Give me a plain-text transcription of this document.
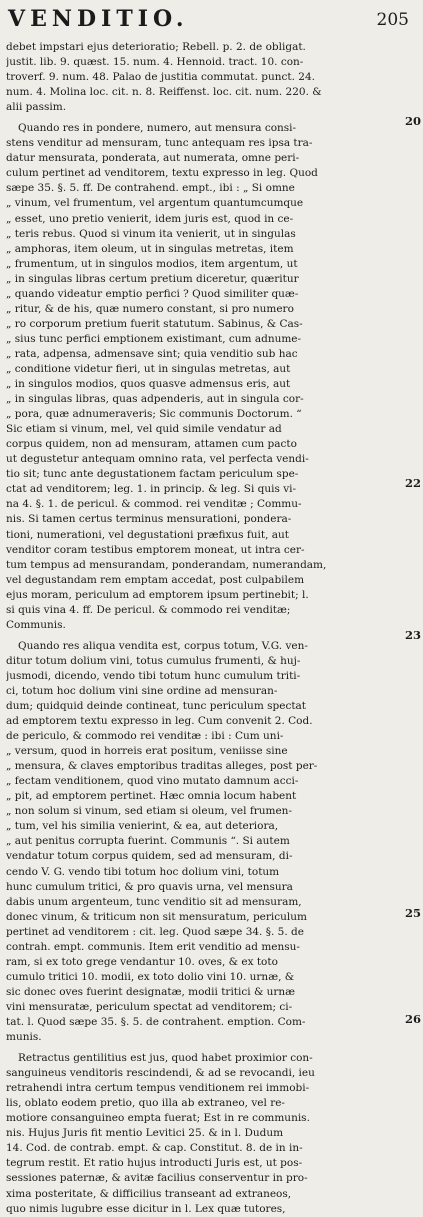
VENDITIO.	205

debet impstari ejus deterioratio; Rebell. p. 2. de obligat.

justit. lib. 9. quæst. 15. num. 4. Hennoid. tract. 10. con-

troverf. 9. num. 48. Palao de justitia commutat. punct. 24.

num. 4. Molina loc. cit. n. 8. Reiffenst. loc. cit. num. 220. &

alii passim.

Quando res in pondere, numero, aut mensura consi-

stens venditur ad mensuram, tunc antequam res ipsa tra-

datur mensurata, ponderata, aut numerata, omne peri-

culum pertinet ad venditorem, textu expresso in leg. Quod

sæpe 35. §. 5. ff. De contrahend. empt., ibi : „ Si omne

„ vinum, vel frumentum, vel argentum quantumcumque

„ esset, uno pretio venierit, idem juris est, quod in ce-

„ teris rebus. Quod si vinum ita venierit, ut in singulas

„ amphoras, item oleum, ut in singulas metretas, item

„ frumentum, ut in singulos modios, item argentum, ut

„ in singulas libras certum pretium diceretur, quæritur

„ quando videatur emptio perfici ? Quod similiter quæ-

„ ritur, & de his, quæ numero constant, si pro numero

„ ro corporum pretium fuerit statutum. Sabinus, & Cas-

„ sius tunc perfici emptionem existimant, cum adnume-

„ rata, adpensa, admensave sint; quia venditio sub hac

„ conditione videtur fieri, ut in singulas metretas, aut

„ in singulos modios, quos quasve admensus eris, aut

„ in singulas libras, quas adpenderis, aut in singula cor-

„ pora, quæ adnumeraveris; Sic communis Doctorum. “

Sic etiam si vinum, mel, vel quid simile vendatur ad

corpus quidem, non ad mensuram, attamen cum pacto

ut degustetur antequam omnino rata, vel perfecta vendi-

tio sit; tunc ante degustationem factam periculum spe-

ctat ad venditorem; leg. 1. in princip. & leg. Si quis vi-

na 4. §. 1. de pericul. & commod. rei venditæ ; Commu-

nis. Si tamen certus terminus mensurationi, pondera-

tioni, numerationi, vel degustationi præfixus fuit, aut

venditor coram testibus emptorem moneat, ut intra cer-

tum tempus ad mensurandam, ponderandam, numerandam,

vel degustandam rem emptam accedat, post culpabilem

ejus moram, periculum ad emptorem ipsum pertinebit; l.

si quis vina 4. ff. De pericul. & commodo rei venditæ;

Communis.

Quando res aliqua vendita est, corpus totum, V.G. ven-

ditur totum dolium vini, totus cumulus frumenti, & huj-

jusmodi, dicendo, vendo tibi totum hunc cumulum triti-

ci, totum hoc dolium vini sine ordine ad mensuran-

dum; quidquid deinde contineat, tunc periculum spectat

ad emptorem textu expresso in leg. Cum convenit 2. Cod.

de periculo, & commodo rei venditæ : ibi : Cum uni-

„ versum, quod in horreis erat positum, veniisse sine

„ mensura, & claves emptoribus traditas alleges, post per-

„ fectam venditionem, quod vino mutato damnum acci-

„ pit, ad emptorem pertinet. Hæc omnia locum habent

„ non solum si vinum, sed etiam si oleum, vel frumen-

„ tum, vel his similia venierint, & ea, aut deteriora,

„ aut penitus corrupta fuerint. Communis “. Si autem

vendatur totum corpus quidem, sed ad mensuram, di-

cendo V. G. vendo tibi totum hoc dolium vini, totum

hunc cumulum tritici, & pro quavis urna, vel mensura

dabis unum argenteum, tunc venditio sit ad mensuram,

donec vinum, & triticum non sit mensuratum, periculum

pertinet ad venditorem : cit. leg. Quod sæpe 34. §. 5. de

contrah. empt. communis. Item erit venditio ad mensu-

ram, si ex toto grege vendantur 10. oves, & ex toto

cumulo tritici 10. modii, ex toto dolio vini 10. urnæ, &

sic donec oves fuerint designatæ, modii tritici & urnæ

vini mensuratæ, periculum spectat ad venditorem; ci-

tat. l. Quod sæpe 35. §. 5. de contrahent. emption. Com-

munis.

Retractus gentilitius est jus, quod habet proximior con-

sanguineus venditoris rescindendi, & ad se revocandi, ieu

retrahendi intra certum tempus venditionem rei immobi-

lis, oblato eodem pretio, quo illa ab extraneo, vel re-

motiore consanguineo empta fuerat; Est in re communis.

nis. Hujus Juris fit mentio Levitici 25. & in l. Dudum

14. Cod. de contrab. empt. & cap. Constitut. 8. de in in-

tegrum restit. Et ratio hujus introducti Juris est, ut pos-

sessiones paternæ, & avitæ facilius conserventur in pro-

xima posteritate, & difficilius transeant ad extraneos,

quo nimis lugubre esse dicitur in l. Lex quæ tutores,

20
22
23
25
26
